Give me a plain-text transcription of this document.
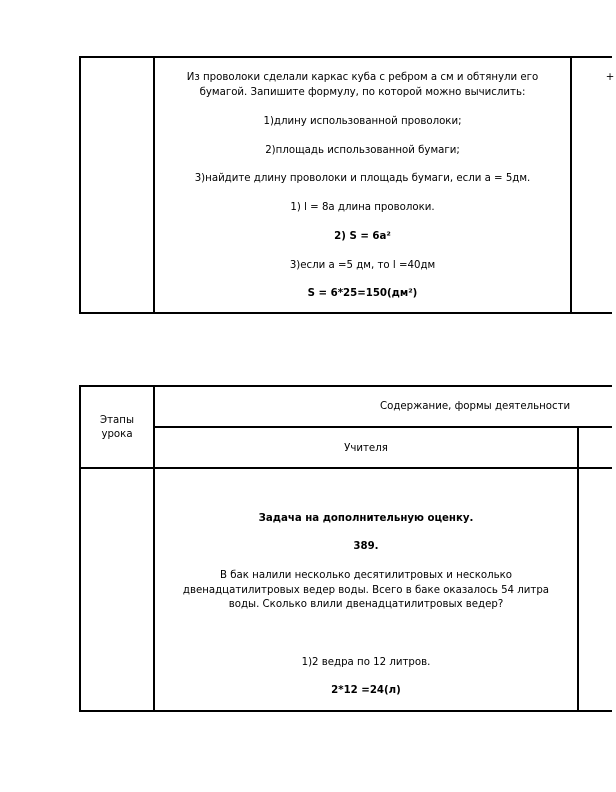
Из проволоки сделали каркас куба с ребром а см и обтянули его
бумагой. Запишите формулу, по которой можно вычислить:
1)длину использованной проволоки;
2)площадь использованной бумаги;
3)найдите длину проволоки и площадь бумаги, если а = 5дм.
1) l = 8а длина проволоки.
2) S = 6a²
3)если а =5 дм, то l =40дм
S = 6*25=150(дм²)
+
Этапы
урока
Содержание, формы деятельности
Учителя
Задача на дополнительную оценку.
389.
В бак налили несколько десятилитровых и несколько
двенадцатилитровых ведер воды. Всего в баке оказалось 54 литра
воды. Сколько влили двенадцатилитровых ведер?
1)2 ведра по 12 литров.
2*12 =24(л)
